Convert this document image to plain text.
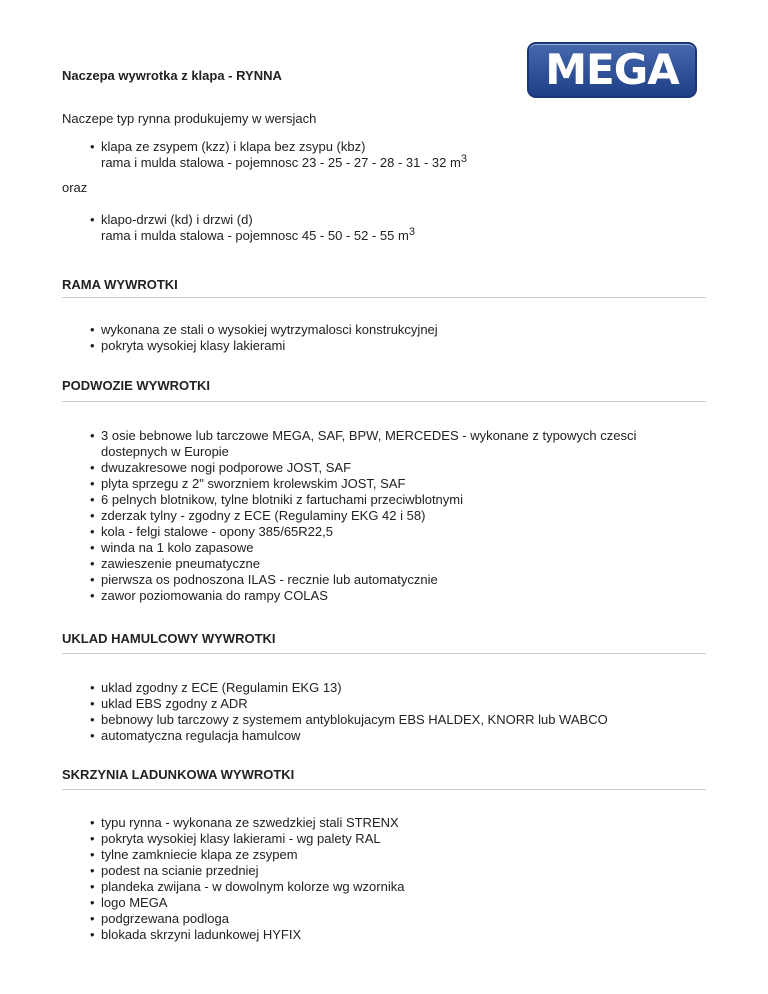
Naczepa wywrotka z klapa - RYNNA	MEGA
Naczepe typ rynna produkujemy w wersjach
• klapa ze zsypem (kzz) i klapa bez zsypu (kbz)
rama i mulda stalowa - pojemnosc 23 - 25 - 27 - 28 - 31 - 32 $m^3$
oraz
• klapo-drzwi (kd) i drzwi (d)
rama i mulda stalowa - pojemnosc 45 - 50 - 52 - 55 $m^3$
RAMA WYWROTKI
• wykonana ze stali o wysokiej wytrzymalosci konstrukcyjnej
• pokryta wysokiej klasy lakierami
PODWOZIE WYWROTKI
• 3 osie bebnowe lub tarczowe MEGA, SAF, BPW, MERCEDES - wykonane z typowych czesci dostepnych w Europie
• dwuzakresowe nogi podporowe JOST, SAF
• plyta sprzegu z 2" sworzniem krolewskim JOST, SAF
• 6 pelnych blotnikow, tylne blotniki z fartuchami przeciwblotnymi
• zderzak tylny - zgodny z ECE (Regulaminy EKG 42 i 58)
• kola - felgi stalowe - opony 385/65R22,5
• winda na 1 kolo zapasowe
• zawieszenie pneumatyczne
• pierwsza os podnoszona ILAS - recznie lub automatycznie
• zawor poziomowania do rampy COLAS
UKLAD HAMULCOWY WYWROTKI
• uklad zgodny z ECE (Regulamin EKG 13)
• uklad EBS zgodny z ADR
• bebnowy lub tarczowy z systemem antyblokujacym EBS HALDEX, KNORR lub WABCO
• automatyczna regulacja hamulcow
SKRZYNIA LADUNKOWA WYWROTKI
• typu rynna - wykonana ze szwedzkiej stali STRENX
• pokryta wysokiej klasy lakierami - wg palety RAL
• tylne zamkniecie klapa ze zsypem
• podest na scianie przedniej
• plandeka zwijana - w dowolnym kolorze wg wzornika
• logo MEGA
• podgrzewana podloga
• blokada skrzyni ladunkowej HYFIX
